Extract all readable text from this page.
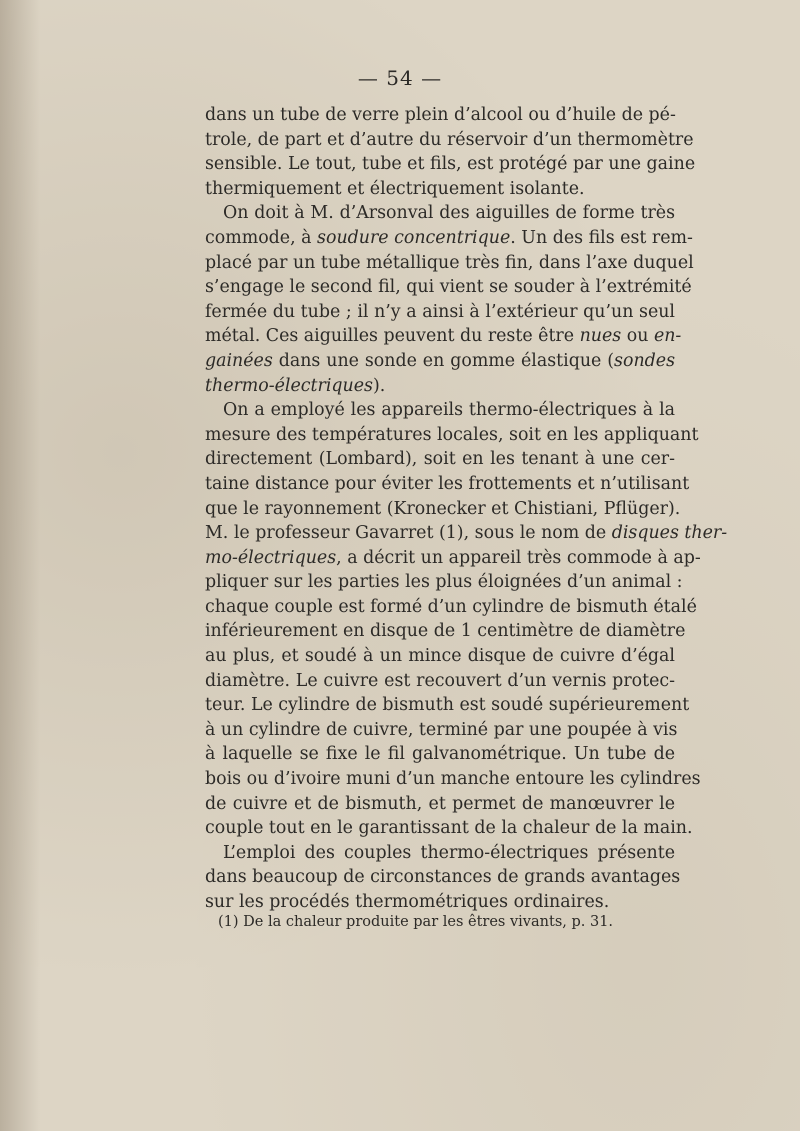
— 54 —
dans un tube de verre plein d’alcool ou d’huile de pé-
trole, de part et d’autre du réservoir d’un thermomètre
sensible. Le tout, tube et fils, est protégé par une gaine
thermiquement et électriquement isolante.
On doit à M. d’Arsonval des aiguilles de forme très
commode, à soudure concentrique. Un des fils est rem-
placé par un tube métallique très fin, dans l’axe duquel
s’engage le second fil, qui vient se souder à l’extrémité
fermée du tube ; il n’y a ainsi à l’extérieur qu’un seul
métal. Ces aiguilles peuvent du reste être nues ou en-
gainées dans une sonde en gomme élastique (sondes
thermo-électriques).
On a employé les appareils thermo-électriques à la
mesure des températures locales, soit en les appliquant
directement (Lombard), soit en les tenant à une cer-
taine distance pour éviter les frottements et n’utilisant
que le rayonnement (Kronecker et Chistiani, Pflüger).
M. le professeur Gavarret (1), sous le nom de disques ther-
mo-électriques, a décrit un appareil très commode à ap-
pliquer sur les parties les plus éloignées d’un animal :
chaque couple est formé d’un cylindre de bismuth étalé
inférieurement en disque de 1 centimètre de diamètre
au plus, et soudé à un mince disque de cuivre d’égal
diamètre. Le cuivre est recouvert d’un vernis protec-
teur. Le cylindre de bismuth est soudé supérieurement
à un cylindre de cuivre, terminé par une poupée à vis
à laquelle se fixe le fil galvanométrique. Un tube de
bois ou d’ivoire muni d’un manche entoure les cylindres
de cuivre et de bismuth, et permet de manœuvrer le
couple tout en le garantissant de la chaleur de la main.
L’emploi des couples thermo-électriques présente
dans beaucoup de circonstances de grands avantages
sur les procédés thermométriques ordinaires.
(1) De la chaleur produite par les êtres vivants, p. 31.
